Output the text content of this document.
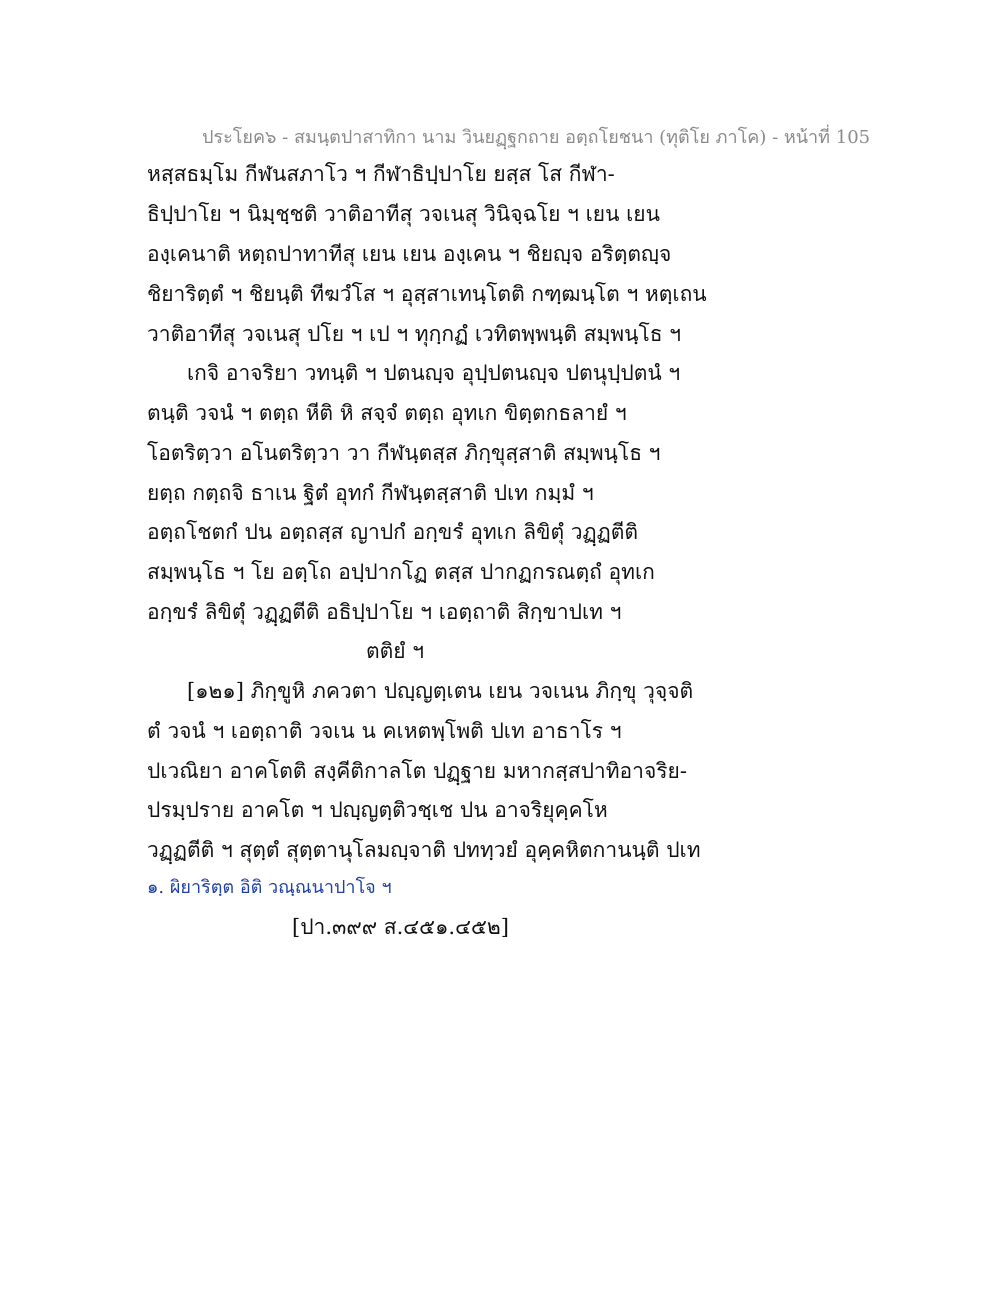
ประโยค๖ - สมนฺตปาสาทิกา นาม วินยฏฺฐกถาย อตฺถโยชนา (ทุติโย ภาโค) - หน้าที่ 105
หสฺสธมฺโม กีฬนสภาโว ฯ กีฬาธิปฺปาโย ยสฺส โส กีฬา-
ธิปฺปาโย ฯ นิมฺชฺชติ วาติอาทีสุ วจเนสุ วินิจฺฉโย ฯ เยน เยน
องฺเคนาติ หตฺถปาทาทีสุ เยน เยน องฺเคน ฯ ชิยญฺจ อริตฺตญฺจ
ชิยาริตฺตํ ฯ ชิยนฺติ ทีฆวํโส ฯ อุสฺสาเทนฺโตติ กฑฺฒนฺโต ฯ หตฺเถน
วาติอาทีสุ วจเนสุ ปโย ฯ เป ฯ ทุกฺกฏํ เวทิตพฺพนฺติ สมฺพนฺโธ ฯ
เกจิ อาจริยา วทนฺติ ฯ ปตนญฺจ อุปฺปตนญฺจ ปตนุปฺปตนํ ฯ
ตนฺติ วจนํ ฯ ตตฺถ หีติ หิ สจฺจํ ตตฺถ อุทเก ขิตฺตกธลายํ ฯ
โอตริตฺวา อโนตริตฺวา วา กีฬนฺตสฺส ภิกฺขุสฺสาติ สมฺพนฺโธ ฯ
ยตฺถ กตฺถจิ ธาเน ฐิตํ อุทกํ กีฬนฺตสฺสาติ ปเท กมฺมํ ฯ
อตฺถโชตกํ ปน อตฺถสฺส ญาปกํ อกฺขรํ อุทเก ลิขิตุํ วฏฺฏตีติ
สมฺพนฺโธ ฯ โย อตฺโถ อปฺปากโฏ ตสฺส ปากฏกรณตฺถํ อุทเก
อกฺขรํ ลิขิตุํ วฏฺฏตีติ อธิปฺปาโย ฯ เอตฺถาติ สิกฺขาปเท ฯ
ตติยํ ฯ
[๑๒๑] ภิกฺขูหิ ภควตา ปญฺญตฺเตน เยน วจเนน ภิกฺขุ วุจฺจติ
ตํ วจนํ ฯ เอตฺถาติ วจเน น คเหตพฺโพติ ปเท อาธาโร ฯ
ปเวณิยา อาคโตติ สงฺคีติกาลโต ปฏฺฐาย มหากสฺสปาทิอาจริย-
ปรมฺปราย อาคโต ฯ ปญฺญตฺติวชฺเช ปน อาจริยุคฺคโห
วฏฺฏตีติ ฯ สุตฺตํ สุตฺตานุโลมญฺจาติ ปททฺวยํ อุคฺคหิตกานนฺติ ปเท
๑. ผิยาริตฺต อิติ วณฺณนาปาโจ ฯ
[ปา.๓๙๙ ส.๔๕๑.๔๕๒]
